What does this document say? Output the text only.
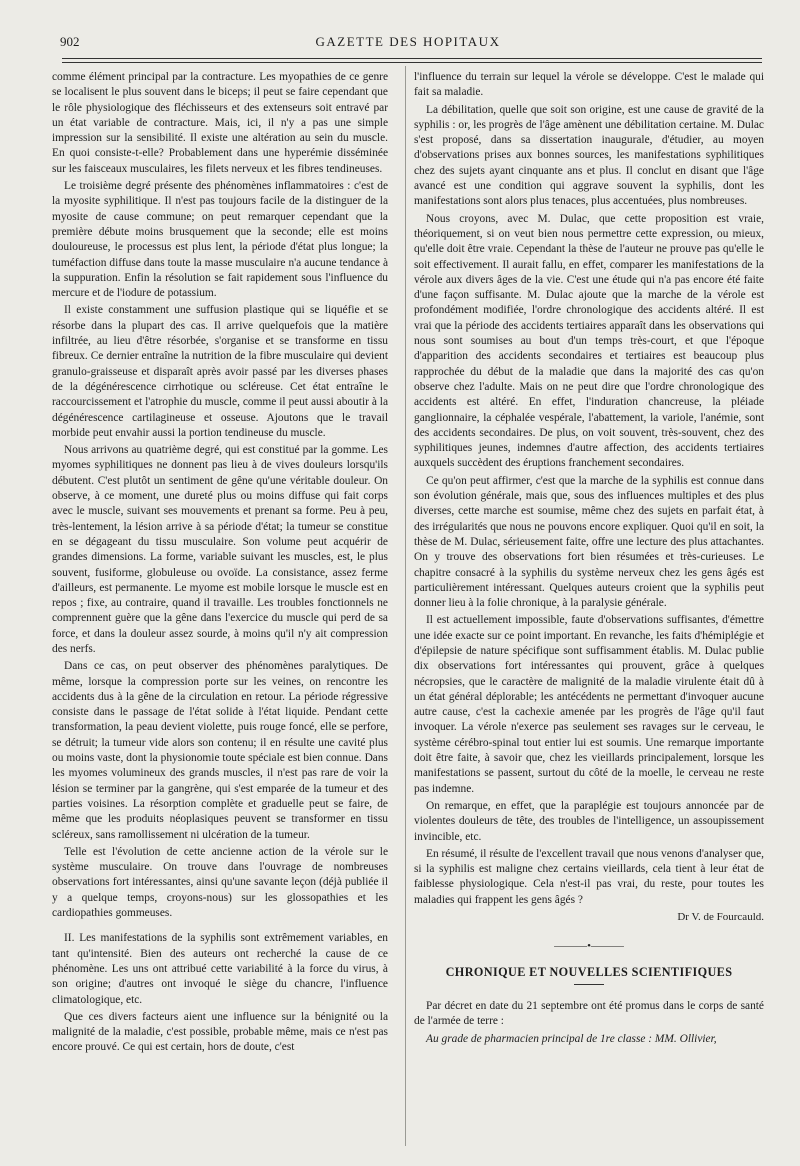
902	GAZETTE DES HOPITAUX

comme élément principal par la contracture. Les myopathies de ce genre se localisent le plus souvent dans le biceps; il peut se faire cependant que le rôle physiologique des fléchisseurs et des extenseurs soit entravé par un état variable de contracture. Mais, ici, il n'y a pas une simple impression sur la sensibilité. Il existe une altération au sein du muscle. En quoi consiste-t-elle? Probablement dans une hyperémie disséminée sur les faisceaux musculaires, les filets nerveux et les fibres tendineuses.

Le troisième degré présente des phénomènes inflammatoires : c'est de la myosite syphilitique. Il n'est pas toujours facile de la distinguer de la myosite de cause commune; on peut remarquer cependant que la première débute moins brusquement que la seconde; elle est moins douloureuse, le processus est plus lent, la période d'état plus longue; la tuméfaction diffuse dans toute la masse musculaire n'a aucune tendance à la suppuration. Enfin la résolution se fait rapidement sous l'influence du mercure et de l'iodure de potassium.

Il existe constamment une suffusion plastique qui se liquéfie et se résorbe dans la plupart des cas. Il arrive quelquefois que la matière infiltrée, au lieu d'être résorbée, s'organise et se transforme en tissu fibreux. Ce dernier entraîne la nutrition de la fibre musculaire qui devient granulo-graisseuse et disparaît après avoir passé par les diverses phases de la dégénérescence cirrhotique ou scléreuse. Cet état entraîne le raccourcissement et l'atrophie du muscle, comme il peut aussi aboutir à la dégénérescence cartilagineuse et osseuse. Ajoutons que le travail morbide peut envahir aussi la portion tendineuse du muscle.

Nous arrivons au quatrième degré, qui est constitué par la gomme. Les myomes syphilitiques ne donnent pas lieu à de vives douleurs lorsqu'ils débutent. C'est plutôt un sentiment de gêne qu'une véritable douleur. On observe, à ce moment, une dureté plus ou moins diffuse qui fait corps avec le muscle, suivant ses mouvements et prenant sa forme. Peu à peu, très-lentement, la lésion arrive à sa période d'état; la tumeur se constitue en se dégageant du tissu musculaire. Son volume peut acquérir de grandes dimensions. La forme, variable suivant les muscles, est, le plus souvent, fusiforme, globuleuse ou ovoïde. La consistance, assez ferme d'ailleurs, est permanente. Le myome est mobile lorsque le muscle est en repos ; fixe, au contraire, quand il travaille. Les troubles fonctionnels ne comprennent guère que la gêne dans l'exercice du muscle qui perd de sa force, et dans la douleur assez sourde, à moins qu'il n'y ait compression des nerfs.

Dans ce cas, on peut observer des phénomènes paralytiques. De même, lorsque la compression porte sur les veines, on rencontre les accidents dus à la gêne de la circulation en retour. La période régressive consiste dans le passage de l'état solide à l'état liquide. Pendant cette transformation, la peau devient violette, puis rouge foncé, elle se perfore, se détruit; la tumeur vide alors son contenu; il en résulte une cavité plus ou moins vaste, dont la physionomie toute spéciale est bien connue. Dans les myomes volumineux des grands muscles, il n'est pas rare de voir la lésion se terminer par la gangrène, qui s'est emparée de la tumeur et des parties voisines. La résorption complète et graduelle peut se faire, de même que les produits néoplasiques peuvent se transformer en tissu scléreux, sans ramollissement ni ulcération de la tumeur.

Telle est l'évolution de cette ancienne action de la vérole sur le système musculaire. On trouve dans l'ouvrage de nombreuses observations fort intéressantes, ainsi qu'une savante leçon (déjà publiée il y a quelque temps, croyons-nous) sur les glossopathies et les cardiopathies gommeuses.

II. Les manifestations de la syphilis sont extrêmement variables, en tant qu'intensité. Bien des auteurs ont recherché la cause de ce phénomène. Les uns ont attribué cette variabilité à la force du virus, à son origine; d'autres ont invoqué le siège du chancre, l'influence climatologique, etc.

Que ces divers facteurs aient une influence sur la bénignité ou la malignité de la maladie, c'est possible, probable même, mais ce n'est pas encore prouvé. Ce qui est certain, hors de doute, c'est

l'influence du terrain sur lequel la vérole se développe. C'est le malade qui fait sa maladie.

La débilitation, quelle que soit son origine, est une cause de gravité de la syphilis : or, les progrès de l'âge amènent une débilitation certaine. M. Dulac s'est proposé, dans sa dissertation inaugurale, d'étudier, au moyen d'observations prises aux bonnes sources, les manifestations syphilitiques chez des sujets ayant cinquante ans et plus. Il conclut en disant que l'âge avancé est une condition qui aggrave souvent la syphilis, dont les manifestations sont alors plus tenaces, plus accentuées, plus nombreuses.

Nous croyons, avec M. Dulac, que cette proposition est vraie, théoriquement, si on veut bien nous permettre cette expression, ou mieux, qu'elle doit être vraie. Cependant la thèse de l'auteur ne prouve pas qu'elle le soit effectivement. Il aurait fallu, en effet, comparer les manifestations de la vérole aux divers âges de la vie. C'est une étude qui n'a pas encore été faite d'une façon suffisante. M. Dulac ajoute que la marche de la vérole est profondément modifiée, l'ordre chronologique des accidents altéré. Il est vrai que la période des accidents tertiaires apparaît dans les observations qui nous sont soumises au bout d'un temps très-court, et que l'époque d'apparition des accidents secondaires et tertiaires est beaucoup plus rapprochée du début de la maladie que dans la majorité des cas qu'on observe chez l'adulte. Mais on ne peut dire que l'ordre chronologique des accidents est altéré. En effet, l'induration chancreuse, la pléiade ganglionnaire, la céphalée vespérale, l'abattement, la variole, l'anémie, sont des accidents secondaires. De plus, on voit souvent, très-souvent, chez des syphilitiques jeunes, indemnes d'autre affection, des accidents tertiaires auxquels succèdent des éruptions franchement secondaires.

Ce qu'on peut affirmer, c'est que la marche de la syphilis est connue dans son évolution générale, mais que, sous des influences multiples et des plus diverses, cette marche est soumise, même chez des sujets en parfait état, à des irrégularités que nous ne pouvons encore expliquer. Quoi qu'il en soit, la thèse de M. Dulac, sérieusement faite, offre une lecture des plus attachantes. On y trouve des observations fort bien résumées et très-curieuses. Le chapitre consacré à la syphilis du système nerveux chez les gens âgés est particulièrement intéressant. Quelques auteurs croient que la syphilis peut donner lieu à la folie chronique, à la paralysie générale.

Il est actuellement impossible, faute d'observations suffisantes, d'émettre une idée exacte sur ce point important. En revanche, les faits d'hémiplégie et d'épilepsie de nature spécifique sont suffisamment établis. M. Dulac publie dix observations fort intéressantes qui prouvent, grâce à quelques nécropsies, que le caractère de malignité de la maladie virulente était dû à un état général déplorable; les antécédents ne permettant d'invoquer aucune autre cause, c'est la cachexie amenée par les progrès de l'âge qu'il faut invoquer. La vérole n'exerce pas seulement ses ravages sur le cerveau, le système cérébro-spinal tout entier lui est soumis. Une remarque importante doit être faite, à savoir que, chez les vieillards principalement, lorsque les manifestations se passent, surtout du côté de la moelle, le cerveau ne reste pas indemne.

On remarque, en effet, que la paraplégie est toujours annoncée par de violentes douleurs de tête, des troubles de l'intelligence, un assoupissement invincible, etc.

En résumé, il résulte de l'excellent travail que nous venons d'analyser que, si la syphilis est maligne chez certains vieillards, cela tient à leur état de faiblesse physiologique. Cela n'est-il pas vrai, du reste, pour toutes les maladies qui frappent les gens âgés ?

Dr V. de Fourcauld.
———•———
CHRONIQUE ET NOUVELLES SCIENTIFIQUES

Par décret en date du 21 septembre ont été promus dans le corps de santé de l'armée de terre :

Au grade de pharmacien principal de 1re classe : MM. Ollivier,
